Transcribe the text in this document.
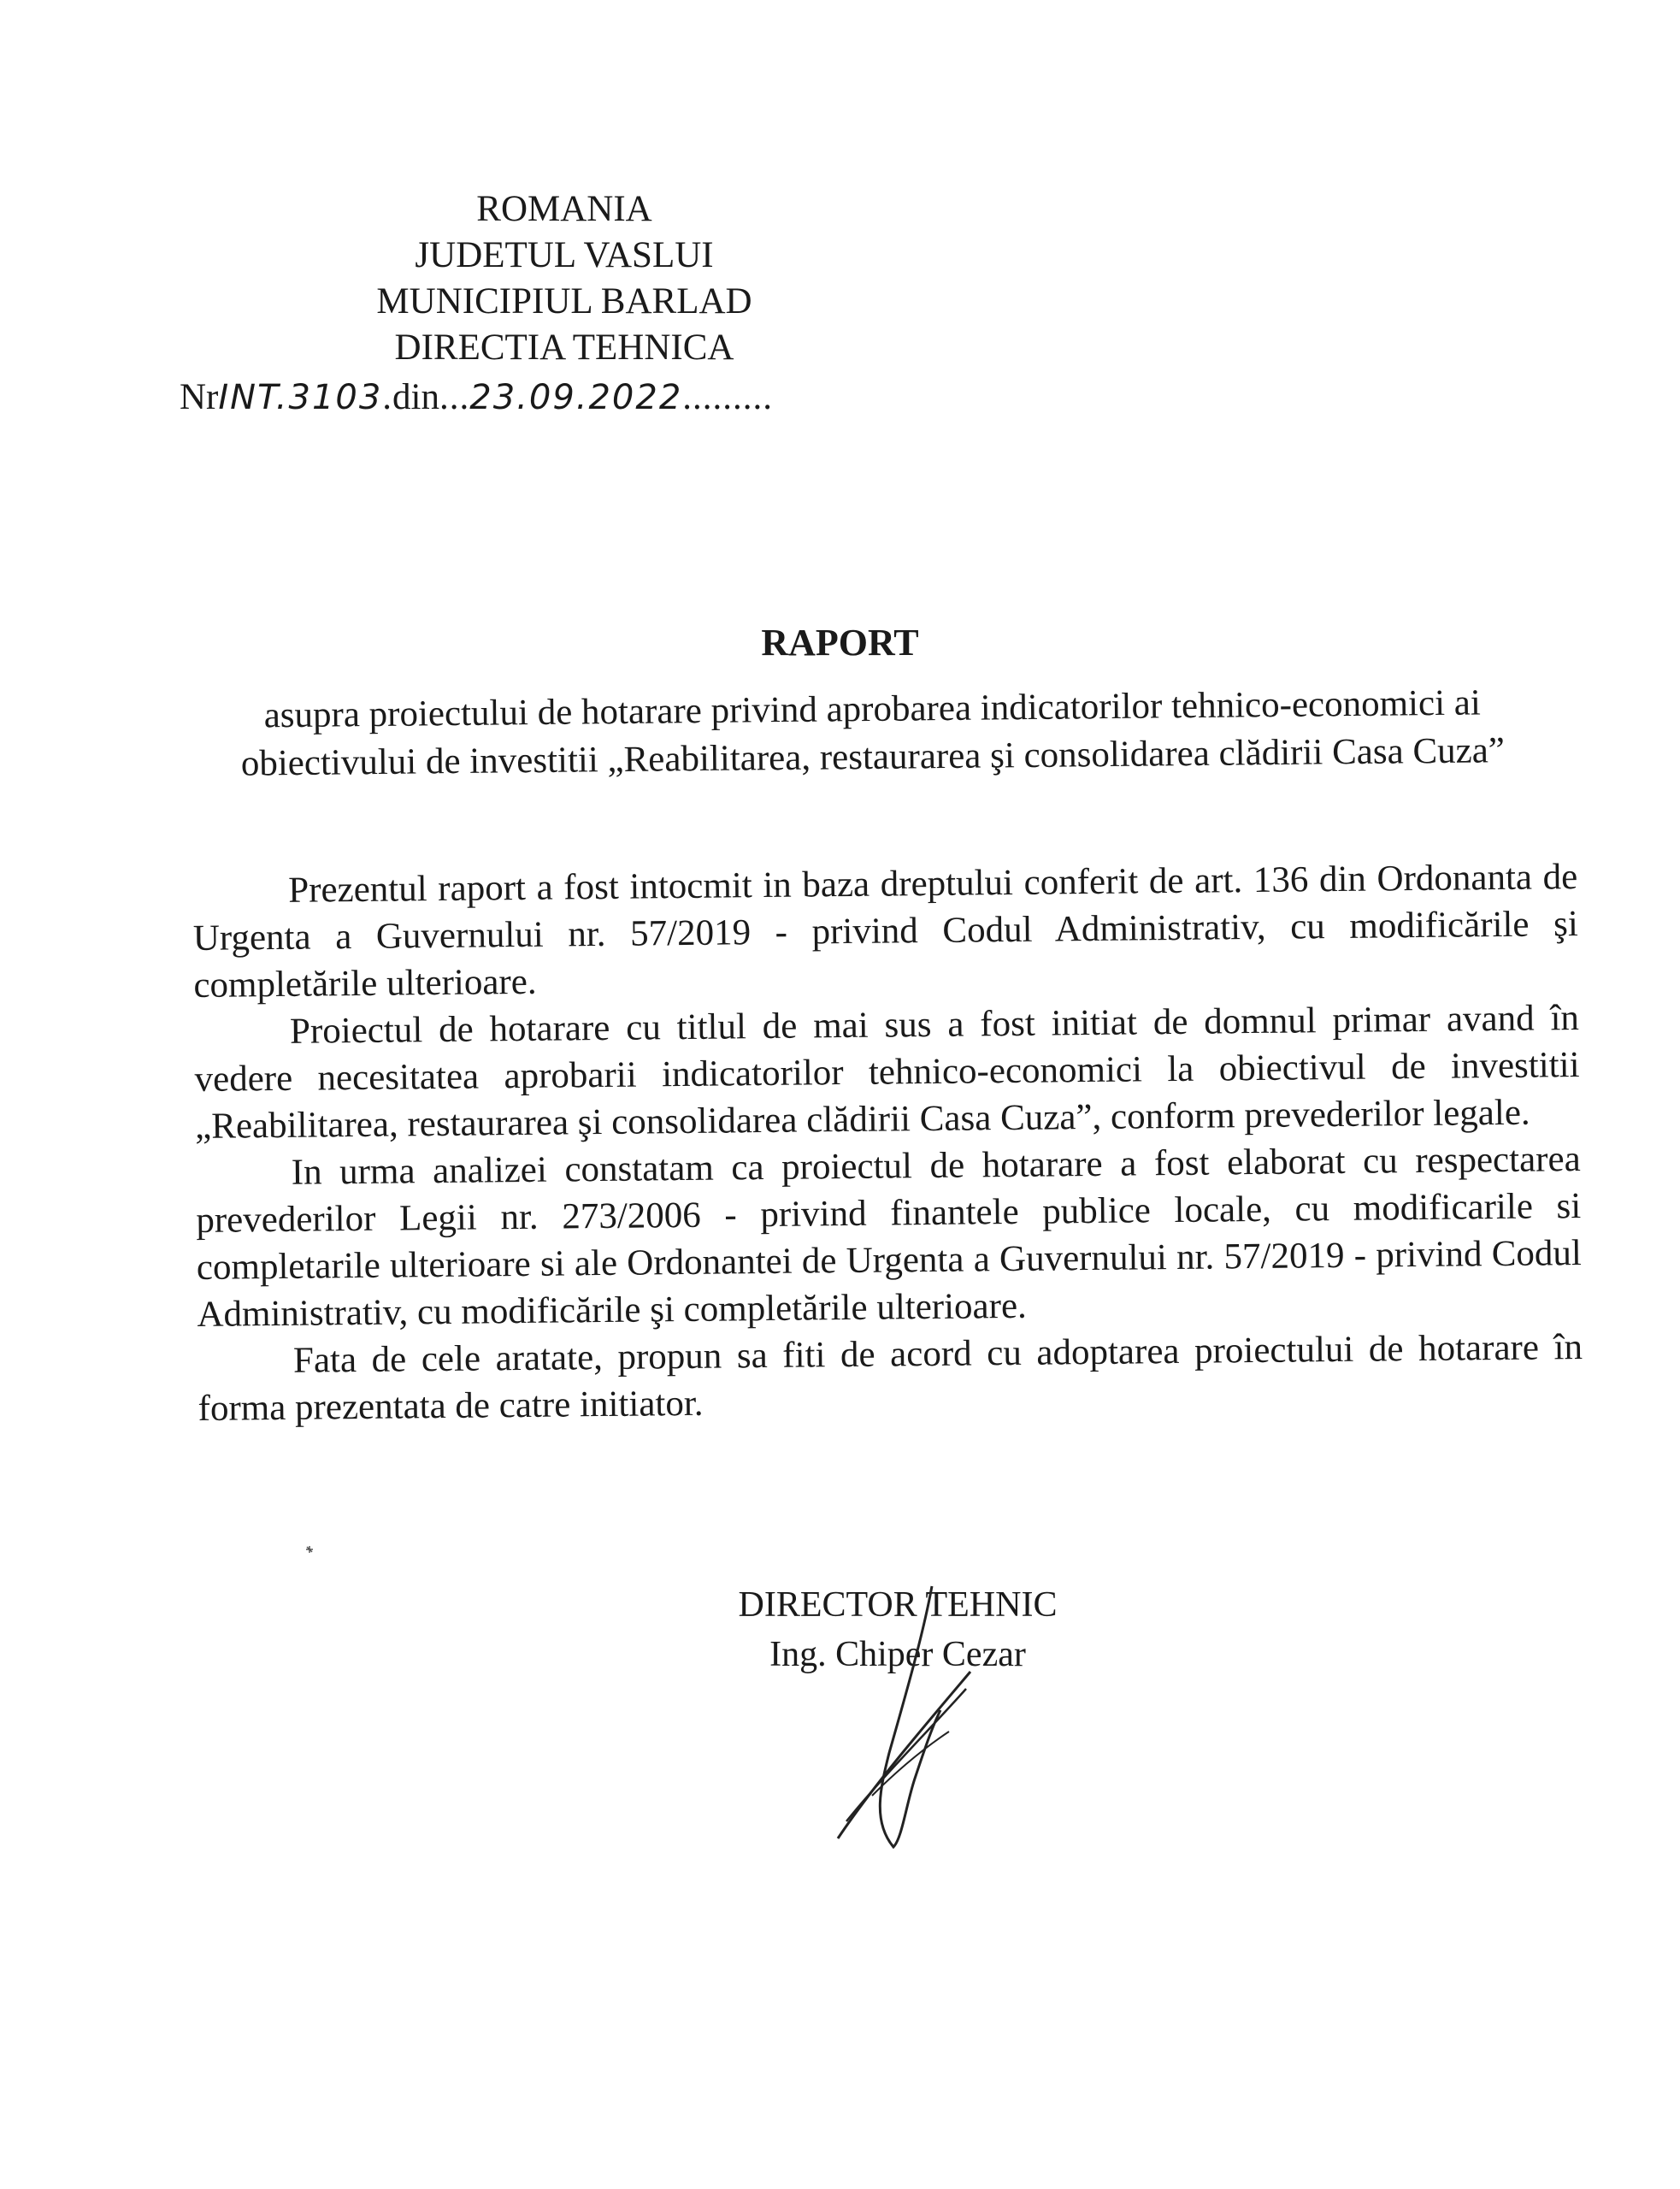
ROMANIA
JUDETUL VASLUI
MUNICIPIUL BARLAD
DIRECTIA TEHNICA
NrINT.3103.din...23.09.2022.........
RAPORT
asupra proiectului de hotarare privind aprobarea indicatorilor tehnico-economici ai
obiectivului de investitii „Reabilitarea, restaurarea şi consolidarea clădirii Casa Cuza”

Prezentul raport a fost intocmit in baza dreptului conferit de art. 136 din Ordonanta de Urgenta a Guvernului nr. 57/2019 - privind Codul Administrativ, cu modificările şi completările ulterioare.

Proiectul de hotarare cu titlul de mai sus a fost initiat de domnul primar avand în vedere necesitatea aprobarii indicatorilor tehnico-economici la obiectivul de investitii „Reabilitarea, restaurarea şi consolidarea clădirii Casa Cuza”, conform prevederilor legale.

In urma analizei constatam ca proiectul de hotarare a fost elaborat cu respectarea prevederilor Legii nr. 273/2006 - privind finantele publice locale, cu modificarile si completarile ulterioare si ale Ordonantei de Urgenta a Guvernului nr. 57/2019 - privind Codul Administrativ, cu modificările şi completările ulterioare.

Fata de cele aratate, propun sa fiti de acord cu adoptarea proiectului de hotarare în forma prezentata de catre initiator.

DIRECTOR TEHNIC
Ing. Chiper Cezar
